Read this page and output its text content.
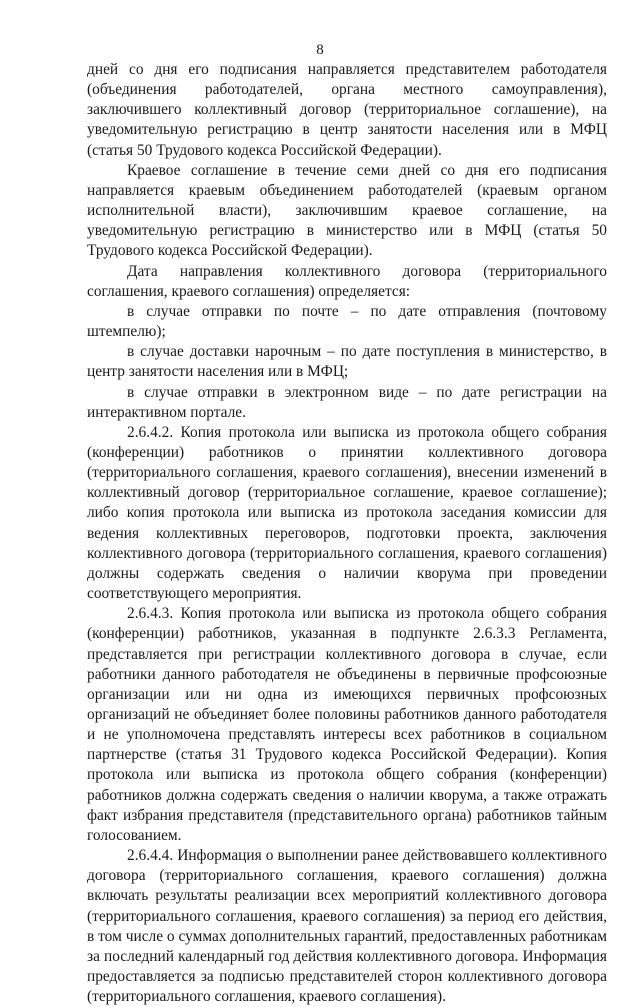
8

дней со дня его подписания направляется представителем работодателя (объединения работодателей, органа местного самоуправления), заключившего коллективный договор (территориальное соглашение), на уведомительную регистрацию в центр занятости населения или в МФЦ (статья 50 Трудового кодекса Российской Федерации).

Краевое соглашение в течение семи дней со дня его подписания направляется краевым объединением работодателей (краевым органом исполнительной власти), заключившим краевое соглашение, на уведомительную регистрацию в министерство или в МФЦ (статья 50 Трудового кодекса Российской Федерации).

Дата направления коллективного договора (территориального соглашения, краевого соглашения) определяется:

в случае отправки по почте – по дате отправления (почтовому штемпелю);

в случае доставки нарочным – по дате поступления в министерство, в центр занятости населения или в МФЦ;

в случае отправки в электронном виде – по дате регистрации на интерактивном портале.

2.6.4.2. Копия протокола или выписка из протокола общего собрания (конференции) работников о принятии коллективного договора (территориального соглашения, краевого соглашения), внесении изменений в коллективный договор (территориальное соглашение, краевое соглашение); либо копия протокола или выписка из протокола заседания комиссии для ведения коллективных переговоров, подготовки проекта, заключения коллективного договора (территориального соглашения, краевого соглашения) должны содержать сведения о наличии кворума при проведении соответствующего мероприятия.

2.6.4.3. Копия протокола или выписка из протокола общего собрания (конференции) работников, указанная в подпункте 2.6.3.3 Регламента, представляется при регистрации коллективного договора в случае, если работники данного работодателя не объединены в первичные профсоюзные организации или ни одна из имеющихся первичных профсоюзных организаций не объединяет более половины работников данного работодателя и не уполномочена представлять интересы всех работников в социальном партнерстве (статья 31 Трудового кодекса Российской Федерации). Копия протокола или выписка из протокола общего собрания (конференции) работников должна содержать сведения о наличии кворума, а также отражать факт избрания представителя (представительного органа) работников тайным голосованием.

2.6.4.4. Информация о выполнении ранее действовавшего коллективного договора (территориального соглашения, краевого соглашения) должна включать результаты реализации всех мероприятий коллективного договора (территориального соглашения, краевого соглашения) за период его действия, в том числе о суммах дополнительных гарантий, предоставленных работникам за последний календарный год действия коллективного договора. Информация предоставляется за подписью представителей сторон коллективного договора (территориального соглашения, краевого соглашения).
